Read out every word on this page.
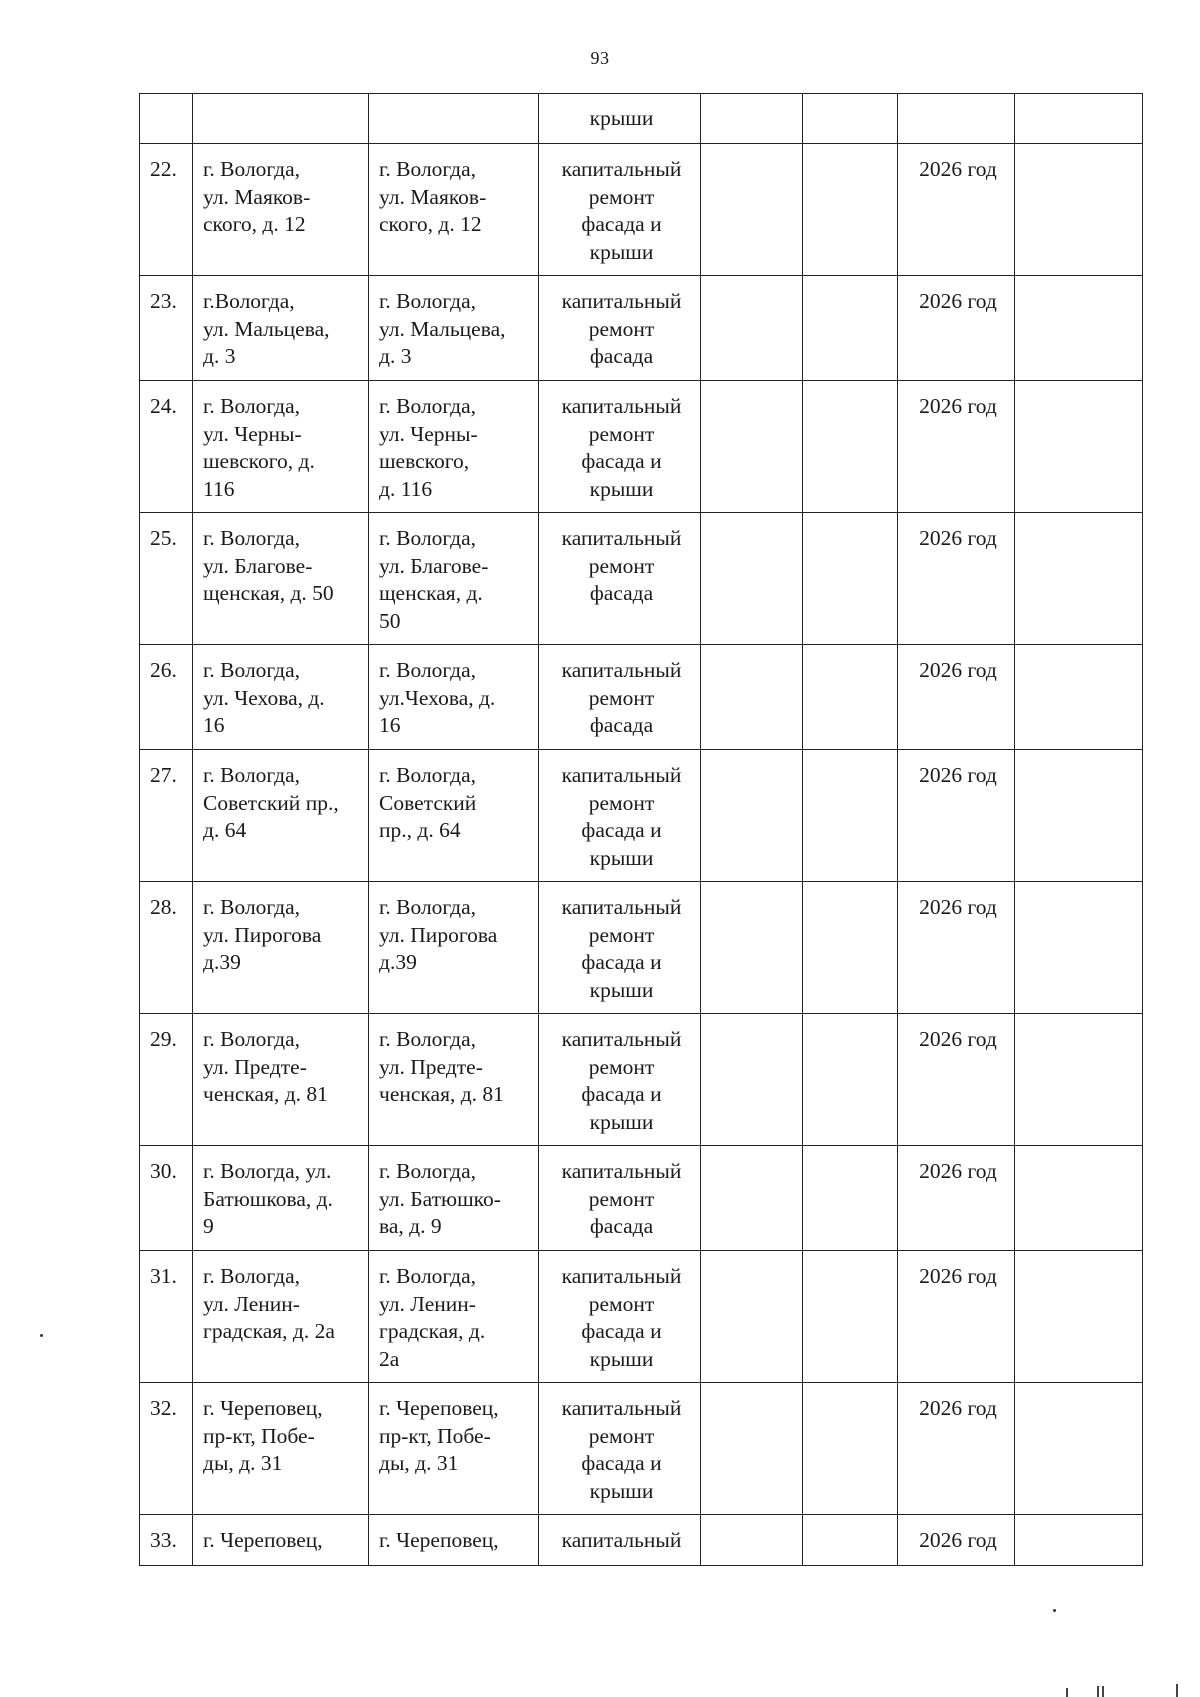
93
			крыши				
22.	г. Вологда,
ул. Маяков-
ского, д. 12	г. Вологда,
ул. Маяков-
ского, д. 12	капитальный
ремонт
фасада и
крыши			2026 год	
23.	г.Вологда,
ул. Мальцева,
д. 3	г. Вологда,
ул. Мальцева,
д. 3	капитальный
ремонт
фасада			2026 год	
24.	г. Вологда,
ул. Черны-
шевского, д.
116	г. Вологда,
ул. Черны-
шевского,
д. 116	капитальный
ремонт
фасада и
крыши			2026 год	
25.	г. Вологда,
ул. Благове-
щенская, д. 50	г. Вологда,
ул. Благове-
щенская, д.
50	капитальный
ремонт
фасада			2026 год	
26.	г. Вологда,
ул. Чехова, д.
16	г. Вологда,
ул.Чехова, д.
16	капитальный
ремонт
фасада			2026 год	
27.	г. Вологда,
Советский пр.,
д. 64	г. Вологда,
Советский
пр., д. 64	капитальный
ремонт
фасада и
крыши			2026 год	
28.	г. Вологда,
ул. Пирогова
д.39	г. Вологда,
ул. Пирогова
д.39	капитальный
ремонт
фасада и
крыши			2026 год	
29.	г. Вологда,
ул. Предте-
ченская, д. 81	г. Вологда,
ул. Предте-
ченская, д. 81	капитальный
ремонт
фасада и
крыши			2026 год	
30.	г. Вологда, ул.
Батюшкова, д.
9	г. Вологда,
ул. Батюшко-
ва, д. 9	капитальный
ремонт
фасада			2026 год	
31.	г. Вологда,
ул. Ленин-
градская, д. 2а	г. Вологда,
ул. Ленин-
градская, д.
2а	капитальный
ремонт
фасада и
крыши			2026 год	
32.	г. Череповец,
пр-кт, Побе-
ды, д. 31	г. Череповец,
пр-кт, Побе-
ды, д. 31	капитальный
ремонт
фасада и
крыши			2026 год	
33.	г. Череповец,	г. Череповец,	капитальный			2026 год	
